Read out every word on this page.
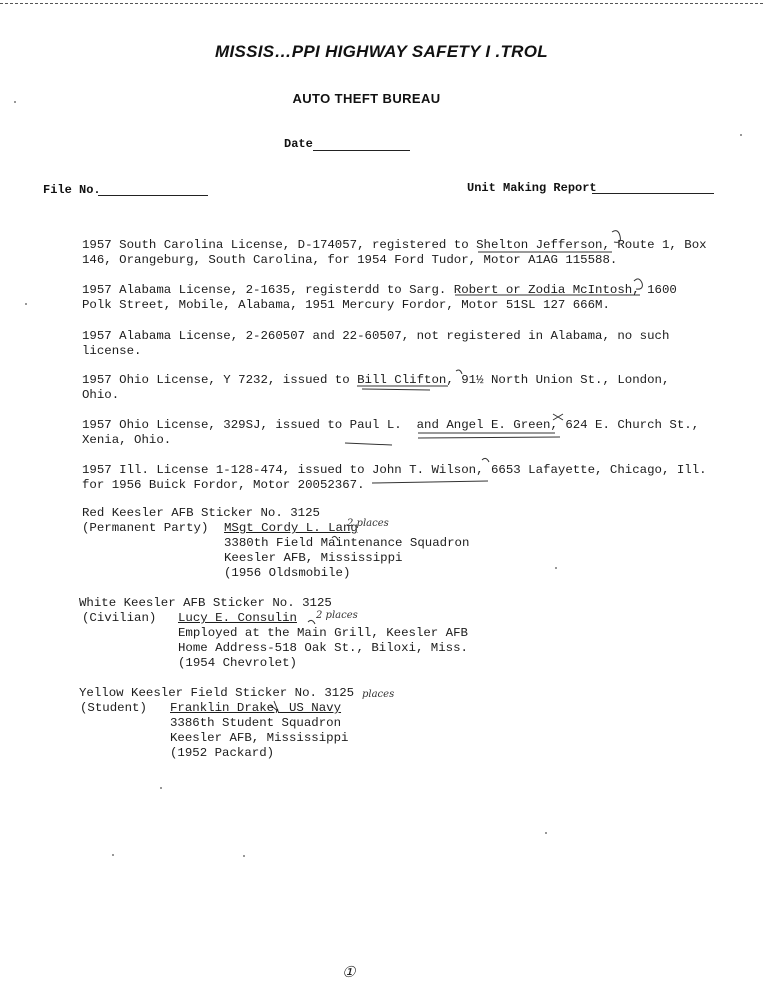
MISSIS…PPI HIGHWAY SAFETY I .TROL
AUTO THEFT BUREAU
Date
File No.	Unit Making Report
1957 South Carolina License, D-174057, registered to Shelton Jefferson, Route 1, Box
146, Orangeburg, South Carolina, for 1954 Ford Tudor, Motor A1AG 115588.
1957 Alabama License, 2-1635, registerdd to Sarg. Robert or Zodia McIntosh, 1600
Polk Street, Mobile, Alabama, 1951 Mercury Fordor, Motor 51SL 127 666M.
1957 Alabama License, 2-260507 and 22-60507, not registered in Alabama, no such
license.
1957 Ohio License, Y 7232, issued to Bill Clifton, 91½ North Union St., London,
Ohio.
1957 Ohio License, 329SJ, issued to Paul L.  and Angel E. Green, 624 E. Church St.,
Xenia, Ohio.
1957 Ill. License 1-128-474, issued to John T. Wilson, 6653 Lafayette, Chicago, Ill.
for 1956 Buick Fordor, Motor 20052367.
Red Keesler AFB Sticker No. 3125
(Permanent Party) MSgt Cordy L. Lang
3380th Field Maintenance Squadron
Keesler AFB, Mississippi
(1956 Oldsmobile)
2 places
White Keesler AFB Sticker No. 3125
(Civilian) Lucy E. Consulin
Employed at the Main Grill, Keesler AFB
Home Address-518 Oak St., Biloxi, Miss.
(1954 Chevrolet)
2 places
Yellow Keesler Field Sticker No. 3125
(Student) Franklin Drake, US Navy
3386th Student Squadron
Keesler AFB, Mississippi
(1952 Packard)
places
①
